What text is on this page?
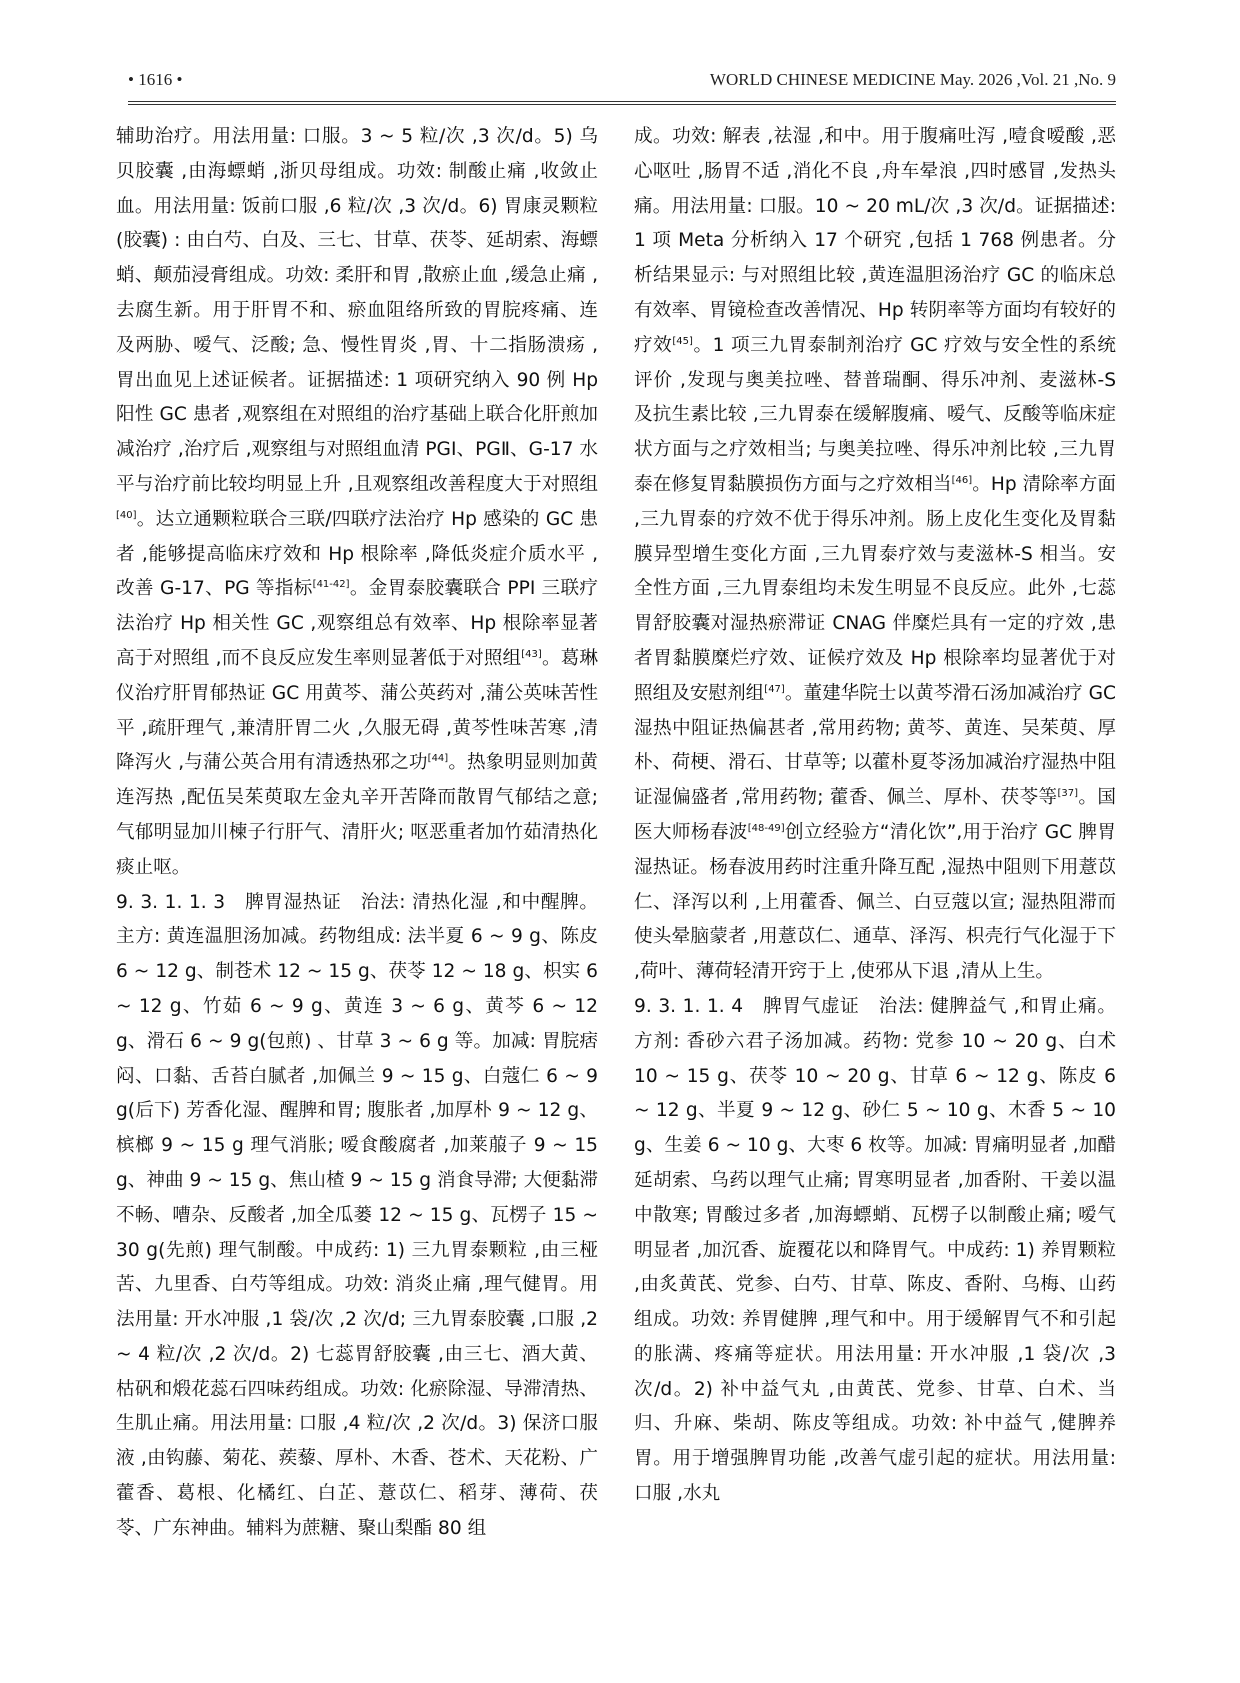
• 1616 •	WORLD CHINESE MEDICINE May. 2026 ,Vol. 21 ,No. 9

辅助治疗。用法用量: 口服。3 ~ 5 粒/次 ,3 次/d。5) 乌贝胶囊 ,由海螵蛸 ,浙贝母组成。功效: 制酸止痛 ,收敛止血。用法用量: 饭前口服 ,6 粒/次 ,3 次/d。6) 胃康灵颗粒(胶囊) : 由白芍、白及、三七、甘草、茯苓、延胡索、海螵蛸、颠茄浸膏组成。功效: 柔肝和胃 ,散瘀止血 ,缓急止痛 ,去腐生新。用于肝胃不和、瘀血阻络所致的胃脘疼痛、连及两胁、嗳气、泛酸; 急、慢性胃炎 ,胃、十二指肠溃疡 ,胃出血见上述证候者。证据描述: 1 项研究纳入 90 例 Hp 阳性 GC 患者 ,观察组在对照组的治疗基础上联合化肝煎加减治疗 ,治疗后 ,观察组与对照组血清 PGⅠ、PGⅡ、G-17 水平与治疗前比较均明显上升 ,且观察组改善程度大于对照组[40]。达立通颗粒联合三联/四联疗法治疗 Hp 感染的 GC 患者 ,能够提高临床疗效和 Hp 根除率 ,降低炎症介质水平 ,改善 G-17、PG 等指标[41-42]。金胃泰胶囊联合 PPI 三联疗法治疗 Hp 相关性 GC ,观察组总有效率、Hp 根除率显著高于对照组 ,而不良反应发生率则显著低于对照组[43]。葛琳仪治疗肝胃郁热证 GC 用黄芩、蒲公英药对 ,蒲公英味苦性平 ,疏肝理气 ,兼清肝胃二火 ,久服无碍 ,黄芩性味苦寒 ,清降泻火 ,与蒲公英合用有清透热邪之功[44]。热象明显则加黄连泻热 ,配伍吴茱萸取左金丸辛开苦降而散胃气郁结之意; 气郁明显加川楝子行肝气、清肝火; 呕恶重者加竹茹清热化痰止呕。

9. 3. 1. 1. 3　脾胃湿热证　治法: 清热化湿 ,和中醒脾。主方: 黄连温胆汤加减。药物组成: 法半夏 6 ~ 9 g、陈皮 6 ~ 12 g、制苍术 12 ~ 15 g、茯苓 12 ~ 18 g、枳实 6 ~ 12 g、竹茹 6 ~ 9 g、黄连 3 ~ 6 g、黄芩 6 ~ 12 g、滑石 6 ~ 9 g(包煎) 、甘草 3 ~ 6 g 等。加减: 胃脘痞闷、口黏、舌苔白腻者 ,加佩兰 9 ~ 15 g、白蔻仁 6 ~ 9 g(后下) 芳香化湿、醒脾和胃; 腹胀者 ,加厚朴 9 ~ 12 g、槟榔 9 ~ 15 g 理气消胀; 嗳食酸腐者 ,加莱菔子 9 ~ 15 g、神曲 9 ~ 15 g、焦山楂 9 ~ 15 g 消食导滞; 大便黏滞不畅、嘈杂、反酸者 ,加全瓜蒌 12 ~ 15 g、瓦楞子 15 ~ 30 g(先煎) 理气制酸。中成药: 1) 三九胃泰颗粒 ,由三桠苦、九里香、白芍等组成。功效: 消炎止痛 ,理气健胃。用法用量: 开水冲服 ,1 袋/次 ,2 次/d; 三九胃泰胶囊 ,口服 ,2 ~ 4 粒/次 ,2 次/d。2) 七蕊胃舒胶囊 ,由三七、酒大黄、枯矾和煅花蕊石四味药组成。功效: 化瘀除湿、导滞清热、生肌止痛。用法用量: 口服 ,4 粒/次 ,2 次/d。3) 保济口服液 ,由钩藤、菊花、蒺藜、厚朴、木香、苍术、天花粉、广藿香、葛根、化橘红、白芷、薏苡仁、稻芽、薄荷、茯苓、广东神曲。辅料为蔗糖、聚山梨酯 80 组

成。功效: 解表 ,祛湿 ,和中。用于腹痛吐泻 ,噎食嗳酸 ,恶心呕吐 ,肠胃不适 ,消化不良 ,舟车晕浪 ,四时感冒 ,发热头痛。用法用量: 口服。10 ~ 20 mL/次 ,3 次/d。证据描述: 1 项 Meta 分析纳入 17 个研究 ,包括 1 768 例患者。分析结果显示: 与对照组比较 ,黄连温胆汤治疗 GC 的临床总有效率、胃镜检查改善情况、Hp 转阴率等方面均有较好的疗效[45]。1 项三九胃泰制剂治疗 GC 疗效与安全性的系统评价 ,发现与奥美拉唑、替普瑞酮、得乐冲剂、麦滋林-S 及抗生素比较 ,三九胃泰在缓解腹痛、嗳气、反酸等临床症状方面与之疗效相当; 与奥美拉唑、得乐冲剂比较 ,三九胃泰在修复胃黏膜损伤方面与之疗效相当[46]。Hp 清除率方面 ,三九胃泰的疗效不优于得乐冲剂。肠上皮化生变化及胃黏膜异型增生变化方面 ,三九胃泰疗效与麦滋林-S 相当。安全性方面 ,三九胃泰组均未发生明显不良反应。此外 ,七蕊胃舒胶囊对湿热瘀滞证 CNAG 伴糜烂具有一定的疗效 ,患者胃黏膜糜烂疗效、证候疗效及 Hp 根除率均显著优于对照组及安慰剂组[47]。董建华院士以黄芩滑石汤加减治疗 GC 湿热中阻证热偏甚者 ,常用药物; 黄芩、黄连、吴茱萸、厚朴、荷梗、滑石、甘草等; 以藿朴夏苓汤加减治疗湿热中阻证湿偏盛者 ,常用药物; 藿香、佩兰、厚朴、茯苓等[37]。国医大师杨春波[48-49]创立经验方“清化饮”,用于治疗 GC 脾胃湿热证。杨春波用药时注重升降互配 ,湿热中阻则下用薏苡仁、泽泻以利 ,上用藿香、佩兰、白豆蔻以宣; 湿热阻滞而使头晕脑蒙者 ,用薏苡仁、通草、泽泻、枳壳行气化湿于下 ,荷叶、薄荷轻清开窍于上 ,使邪从下退 ,清从上生。

9. 3. 1. 1. 4　脾胃气虚证　治法: 健脾益气 ,和胃止痛。方剂: 香砂六君子汤加减。药物: 党参 10 ~ 20 g、白术 10 ~ 15 g、茯苓 10 ~ 20 g、甘草 6 ~ 12 g、陈皮 6 ~ 12 g、半夏 9 ~ 12 g、砂仁 5 ~ 10 g、木香 5 ~ 10 g、生姜 6 ~ 10 g、大枣 6 枚等。加减: 胃痛明显者 ,加醋延胡索、乌药以理气止痛; 胃寒明显者 ,加香附、干姜以温中散寒; 胃酸过多者 ,加海螵蛸、瓦楞子以制酸止痛; 嗳气明显者 ,加沉香、旋覆花以和降胃气。中成药: 1) 养胃颗粒 ,由炙黄芪、党参、白芍、甘草、陈皮、香附、乌梅、山药组成。功效: 养胃健脾 ,理气和中。用于缓解胃气不和引起的胀满、疼痛等症状。用法用量: 开水冲服 ,1 袋/次 ,3 次/d。2) 补中益气丸 ,由黄芪、党参、甘草、白术、当归、升麻、柴胡、陈皮等组成。功效: 补中益气 ,健脾养胃。用于增强脾胃功能 ,改善气虚引起的症状。用法用量: 口服 ,水丸
